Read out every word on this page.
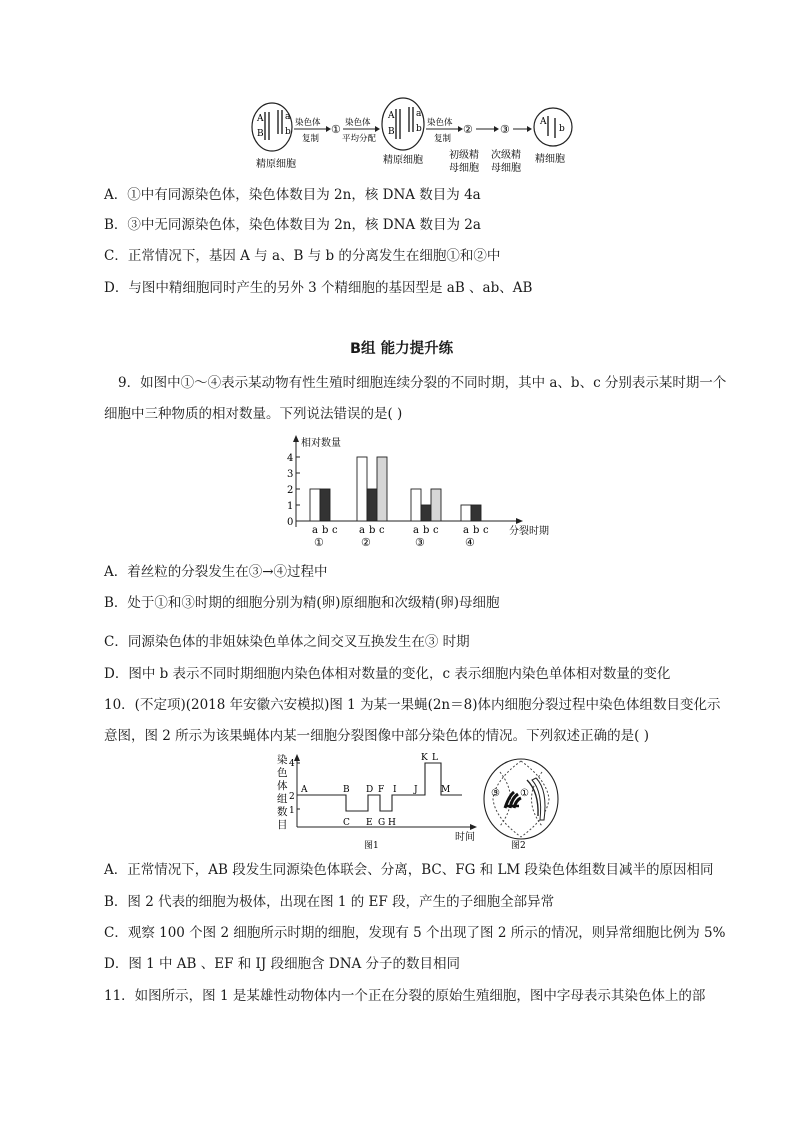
A a
B b
精原细胞
染色体
复制
① 染色体
平均分配
A a
B b
精原细胞
染色体
复制
②
初级精
母细胞
③
次级精
母细胞
A
b
精细胞
A．①中有同源染色体，染色体数目为 2n，核 DNA 数目为 4a
B．③中无同源染色体，染色体数目为 2n，核 DNA 数目为 2a
C．正常情况下，基因 A 与 a、B 与 b 的分离发生在细胞①和②中
D．与图中精细胞同时产生的另外 3 个精细胞的基因型是 aB 、ab、AB
B组 能力提升练
9．如图中①～④表示某动物有性生殖时细胞连续分裂的不同时期，其中 a、b、c 分别表示某时期一个
细胞中三种物质的相对数量。下列说法错误的是( )
相对数量
分裂时期
0
1
2
3
4
a b c
①
a b c
②
a b c
③
a b c
④
A．着丝粒的分裂发生在③→④过程中
B．处于①和③时期的细胞分别为精(卵)原细胞和次级精(卵)母细胞
C．同源染色体的非姐妹染色单体之间交叉互换发生在③ 时期
D．图中 b 表示不同时期细胞内染色体相对数量的变化，c 表示细胞内染色单体相对数量的变化
10．(不定项)(2018 年安徽六安模拟)图 1 为某一果蝇(2n＝8)体内细胞分裂过程中染色体组数目变化示
意图，图 2 所示为该果蝇体内某一细胞分裂图像中部分染色体的情况。下列叙述正确的是( )
染
色
体
组
数
目
4
2
1
A	B
C
D
E
F
G H
I J
K L
M
时间
图1
③ ①
图2
A．正常情况下，AB 段发生同源染色体联会、分离，BC、FG 和 LM 段染色体组数目减半的原因相同
B．图 2 代表的细胞为极体，出现在图 1 的 EF 段，产生的子细胞全部异常
C．观察 100 个图 2 细胞所示时期的细胞，发现有 5 个出现了图 2 所示的情况，则异常细胞比例为 5%
D．图 1 中 AB 、EF 和 IJ 段细胞含 DNA 分子的数目相同
11．如图所示，图 1 是某雄性动物体内一个正在分裂的原始生殖细胞，图中字母表示其染色体上的部
